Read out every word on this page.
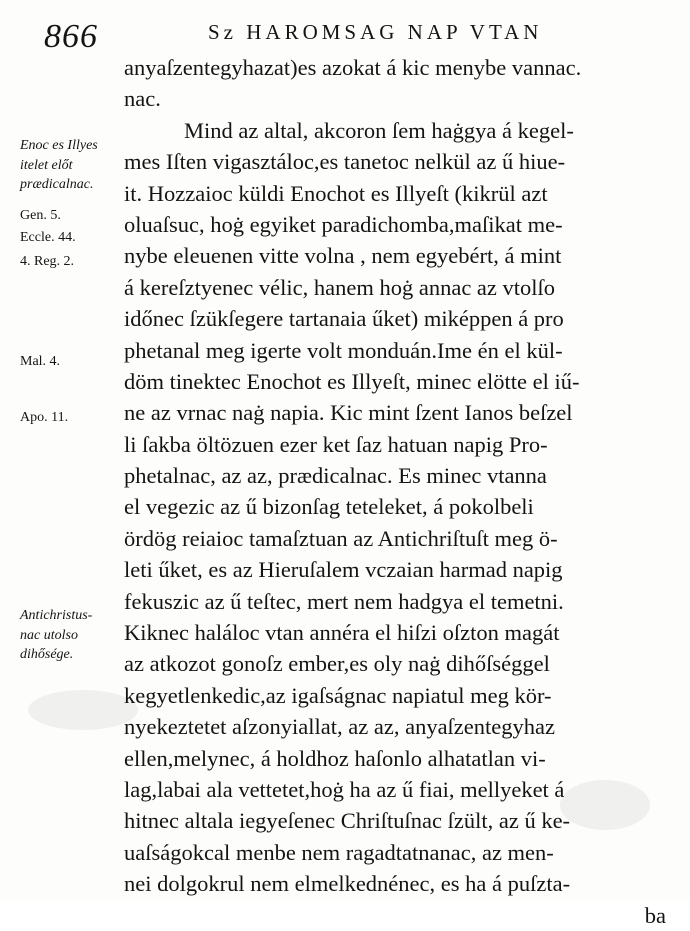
866	Sz HAROMSAG NAP VTAN
Enoc es Illyes
itelet előt
prædicalnac.
Gen. 5.
Eccle. 44.
4. Reg. 2.
Mal. 4.
Apo. 11.
Antichristus-
nac utolso
dihősége.
anyaſzentegyhazat)es azokat á kic menybe vannac.
nac.
Mind az altal, akcoron ſem haġgya á kegel-
mes Iſten vigasztáloc,es tanetoc nelkül az ű hiue-
it. Hozzaioc küldi Enochot es Illyeſt (kikrül azt
oluaſsuc, hoġ egyiket paradichomba,maſikat me-
nybe eleuenen vitte volna , nem egyebért, á mint
á kereſztyenec vélic, hanem hoġ annac az vtolſo
időnec ſzükſegere tartanaia űket) miképpen á pro
phetanal meg igerte volt monduán.Ime én el kül-
döm tinektec Enochot es Illyeſt, minec elötte el iű-
ne az vrnac naġ napia. Kic mint ſzent Ianos beſzel
li ſakba öltözuen ezer ket ſaz hatuan napig Pro-
phetalnac, az az, prædicalnac. Es minec vtanna
el vegezic az ű bizonſag teteleket, á pokolbeli
ördög reiaioc tamaſztuan az Antichriſtuſt meg ö-
leti űket, es az Hieruſalem vczaian harmad napig
fekuszic az ű teſtec, mert nem hadgya el temetni.
Kiknec haláloc vtan annéra el hiſzi oſzton magát
az atkozot gonoſz ember,es oly naġ dihőſséggel
kegyetlenkedic,az igaſságnac napiatul meg kör-
nyekeztetet aſzonyiallat, az az, anyaſzentegyhaz
ellen,melynec, á holdhoz haſonlo alhatatlan vi-
lag,labai ala vettetet,hoġ ha az ű fiai, mellyeket á
hitnec altala iegyeſenec Chriſtuſnac ſzült, az ű ke-
uaſságokcal menbe nem ragadtatnanac, az men-
nei dolgokrul nem elmelkednénec, es ha á puſzta-
ba
